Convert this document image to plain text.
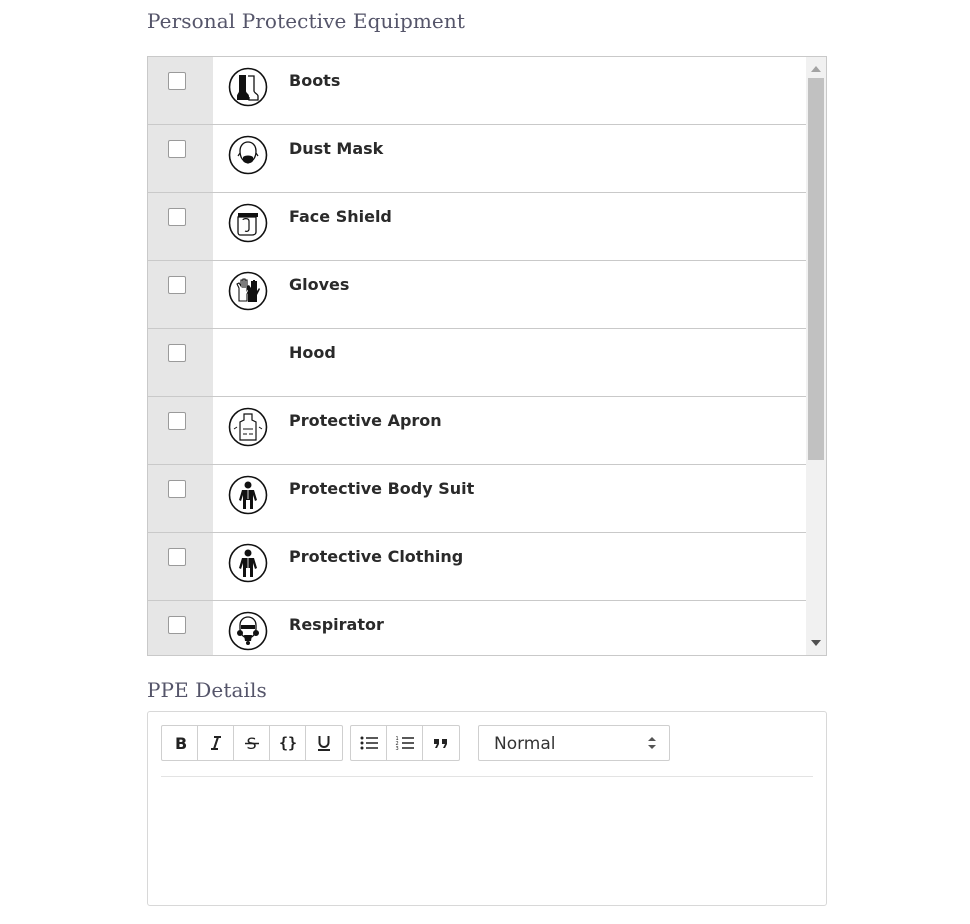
Personal Protective Equipment
Boots
Dust Mask
Face Shield
Gloves
Hood
Protective Apron
Protective Body Suit
Protective Clothing
Respirator
PPE Details
B	S {}	1
2
3	Normal
